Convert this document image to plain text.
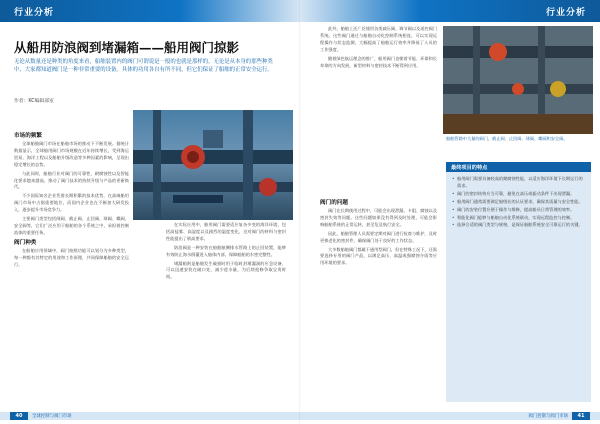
行业分析
从船用防浪阀到堵漏箱——船用阀门掠影
无论从数量还是种类的角度来看，船舶装置内的阀门可谓说是一般的也就是那样的，无论是从本身的那些种类中，大家都知道阀门是一种非常重要的设备。具体的功用各自有所不同，但它们保证了船舶的正常安全运行。
作者：KC编辑部室
市场的频繁

全球船舶阀门市场在船舶市场的推动下不断发展。据统计数据显示，全球船用阀门市场规模在近年持续增长，受到海运贸易、海洋工程以及船舶升级改造等多种因素的影响，呈现出稳定增长的态势。

与此同时，船舶行业对阀门的可靠性、耐腐蚀性以及智能化要求越来越高，推动了阀门技术的持续升级与产品的更新换代。

不少国际知名企业凭借长期积累的技术优势，在高端船用阀门市场中占据重要地位，而国内企业也在不断加大研发投入，逐步提升市场竞争力。

主要阀门类型包括闸阀、截止阀、止回阀、球阀、蝶阀、安全阀等，它们广泛应用于船舶的各个系统之中，承担着控制流体的重要任务。

阀门种类

在船舶应用领域中，阀门按照功能可以划分为多种类型，每一种都有其特定的用途和工作原理，共同保障船舶的安全运行。

在实际应用中，船用阀门需要适应复杂多变的海洋环境，包括高盐雾、高湿度以及剧烈的温度变化，这对阀门的材料与密封性能提出了极高要求。

防浪阀是一种安装在船舶舷侧排水管路上的止回装置，能够有效防止海水倒灌进入船体内部，保障船舶的水密完整性。

堵漏箱则是船舶发生破损时用于临时封堵漏洞的应急设备，可以迅速安装在破口处，减少进水量，为后续抢修争取宝贵时间。

40	全球控制与阀门市场
行业分析

此外，船舶上还广泛使用各类减压阀、调节阀以及遥控阀门系统。这些阀门通过与船舶自动化控制系统相连，可以实现远程操作与状态监测，大幅提高了船舶运行效率并降低了人员的工作强度。

随着绿色航运理念的推广，船用阀门也朝着节能、环保和长寿命的方向发展，新型材料与密封技术不断得到应用。

船舶管路中大量的阀门，截止阀、止回阀、球阀、蝶阀和安全阀。
阀门的问题

阀门在长期使用过程中，可能会出现泄漏、卡阻、腐蚀以及密封失效等问题。这些问题如果没有得到及时处理，可能会影响船舶系统的正常运转，甚至危及航行安全。

因此，船舶管理人员需要定期对阀门进行检查与维护，及时更换老化的密封件，确保阀门处于良好的工作状态。

大多数船舶阀门都属于通用型阀门，但在特殊工况下，还需要选择专用的阀门产品，以满足高压、高温或强腐蚀介质等应用环境的要求。

最终项目的特点
• 船用阀门需要具备较高的耐腐蚀性能，以适应海洋环境下长期运行的需求。
• 阀门的密封结构应当可靠，避免在高压或振动条件下出现泄漏。
• 船用阀门通常需要满足船级社的认证要求，确保其质量与安全性能。
• 阀门的安装位置应便于操作与维修，提高船员日常管理的效率。
• 智能化阀门能够与船舶自动化系统联动，实现远程监控与控制。
• 选择合适的阀门类型与规格，是保证船舶系统安全可靠运行的关键。
41
阀门控制与阀门市场
